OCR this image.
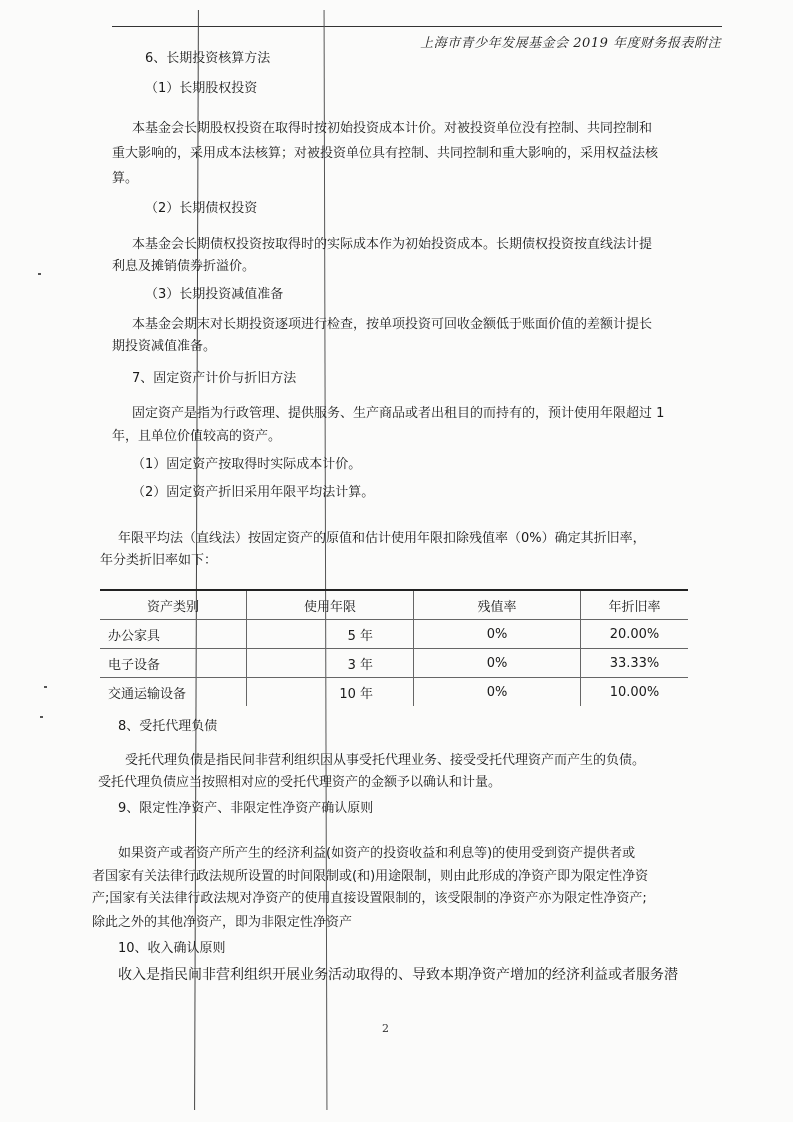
上海市青少年发展基金会 2019 年度财务报表附注
6、长期投资核算方法
（1）长期股权投资
本基金会长期股权投资在取得时按初始投资成本计价。对被投资单位没有控制、共同控制和
重大影响的，采用成本法核算；对被投资单位具有控制、共同控制和重大影响的，采用权益法核
算。
（2）长期债权投资
本基金会长期债权投资按取得时的实际成本作为初始投资成本。长期债权投资按直线法计提
利息及摊销债券折溢价。
（3）长期投资减值准备
本基金会期末对长期投资逐项进行检查，按单项投资可回收金额低于账面价值的差额计提长
期投资减值准备。
7、固定资产计价与折旧方法
固定资产是指为行政管理、提供服务、生产商品或者出租目的而持有的，预计使用年限超过 1
年，且单位价值较高的资产。
（1）固定资产按取得时实际成本计价。
（2）固定资产折旧采用年限平均法计算。
年限平均法（直线法）按固定资产的原值和估计使用年限扣除残值率（0%）确定其折旧率，
年分类折旧率如下：
资产类别	使用年限	残值率	年折旧率
办公家具	5 年	0%	20.00%
电子设备	3 年	0%	33.33%
交通运输设备	10 年	0%	10.00%
8、受托代理负债
受托代理负债是指民间非营利组织因从事受托代理业务、接受受托代理资产而产生的负债。
受托代理负债应当按照相对应的受托代理资产的金额予以确认和计量。
9、限定性净资产、非限定性净资产确认原则
如果资产或者资产所产生的经济利益(如资产的投资收益和利息等)的使用受到资产提供者或
者国家有关法律行政法规所设置的时间限制或(和)用途限制，则由此形成的净资产即为限定性净资
产;国家有关法律行政法规对净资产的使用直接设置限制的，该受限制的净资产亦为限定性净资产;
除此之外的其他净资产，即为非限定性净资产
10、收入确认原则
收入是指民间非营利组织开展业务活动取得的、导致本期净资产增加的经济利益或者服务潜
2
